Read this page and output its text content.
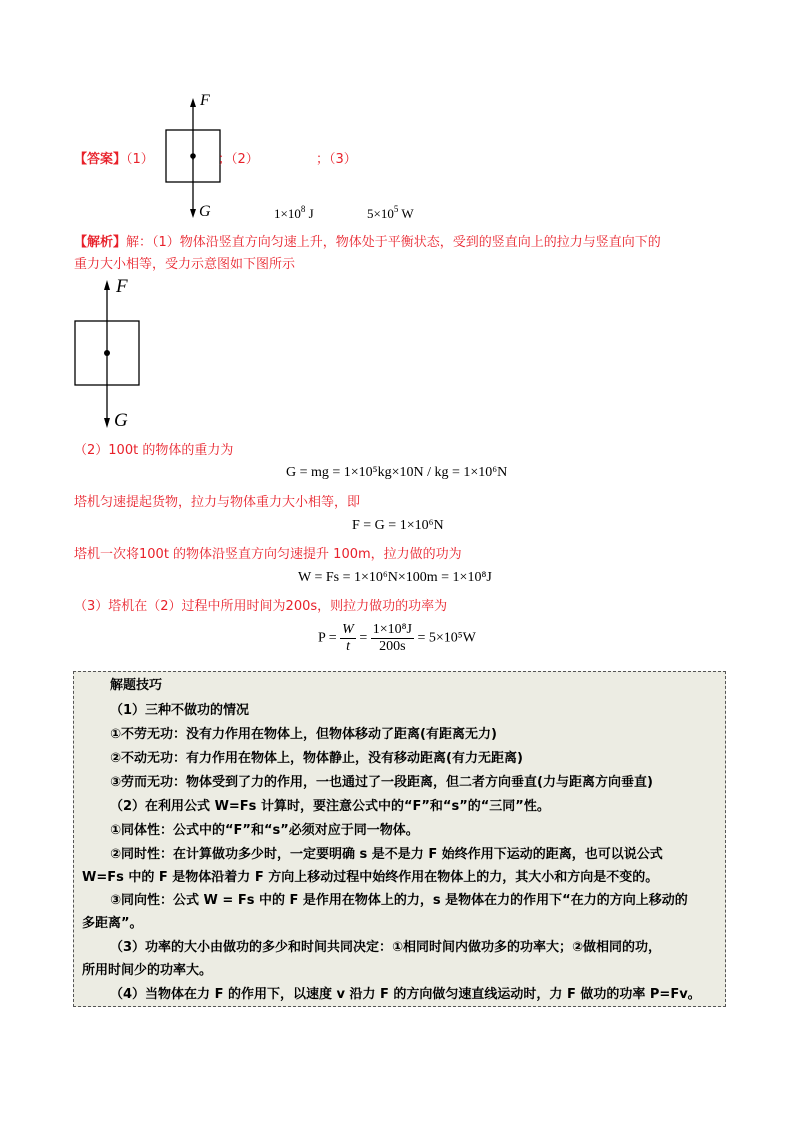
【答案】（1）
F
G
；（2）	；（3）
$1\times 10^8$ J	$5\times 10^5$ W
【解析】解：（1）物体沿竖直方向匀速上升，物体处于平衡状态，受到的竖直向上的拉力与竖直向下的
重力大小相等，受力示意图如下图所示
F
G
（2）100t 的物体的重力为
G = mg = 1×10⁵kg×10N / kg = 1×10⁶N
塔机匀速提起货物，拉力与物体重力大小相等，即
F = G = 1×10⁶N
塔机一次将100t 的物体沿竖直方向匀速提升 100m，拉力做的功为
W = Fs = 1×10⁶N×100m = 1×10⁸J
（3）塔机在（2）过程中所用时间为200s，则拉力做功的功率为
$P = \frac{W}{t} = \frac{\text{1×10⁸J}}{200s} = 5\times 10^5W$
解题技巧
（1）三种不做功的情况
①不劳无功：没有力作用在物体上，但物体移动了距离(有距离无力)
②不动无功：有力作用在物体上，物体静止，没有移动距离(有力无距离)
③劳而无功：物体受到了力的作用，一也通过了一段距离，但二者方向垂直(力与距离方向垂直)
（2）在利用公式 W=Fs 计算时，要注意公式中的“F”和“s”的“三同”性。
①同体性：公式中的“F”和“s”必须对应于同一物体。
②同时性：在计算做功多少时，一定要明确 s 是不是力 F 始终作用下运动的距离，也可以说公式
W=Fs 中的 F 是物体沿着力 F 方向上移动过程中始终作用在物体上的力，其大小和方向是不变的。
③同向性：公式 W = Fs 中的 F 是作用在物体上的力，s 是物体在力的作用下“在力的方向上移动的
多距离”。
（3）功率的大小由做功的多少和时间共同决定：①相同时间内做功多的功率大；②做相同的功，
所用时间少的功率大。
（4）当物体在力 F 的作用下，以速度 v 沿力 F 的方向做匀速直线运动时，力 F 做功的功率 P=Fv。
